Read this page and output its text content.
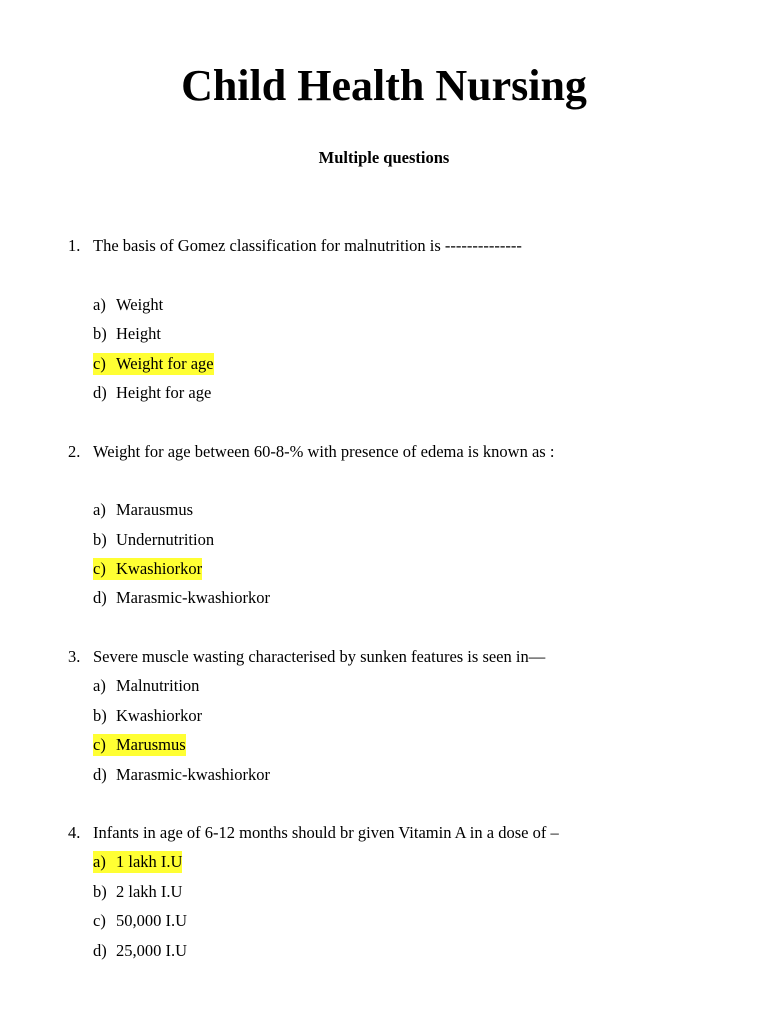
Child Health Nursing
Multiple questions
1. The basis of Gomez classification for malnutrition is --------------
a) Weight
b) Height
c) Weight for age
d) Height for age
2. Weight for age between 60-8-% with presence of edema is known as :
a) Marausmus
b) Undernutrition
c) Kwashiorkor
d) Marasmic-kwashiorkor
3. Severe muscle wasting characterised by sunken features is seen in—
a) Malnutrition
b) Kwashiorkor
c) Marusmus
d) Marasmic-kwashiorkor
4. Infants in age of 6-12 months should br given Vitamin A in a dose of –
a) 1 lakh I.U
b) 2 lakh I.U
c) 50,000 I.U
d) 25,000 I.U
